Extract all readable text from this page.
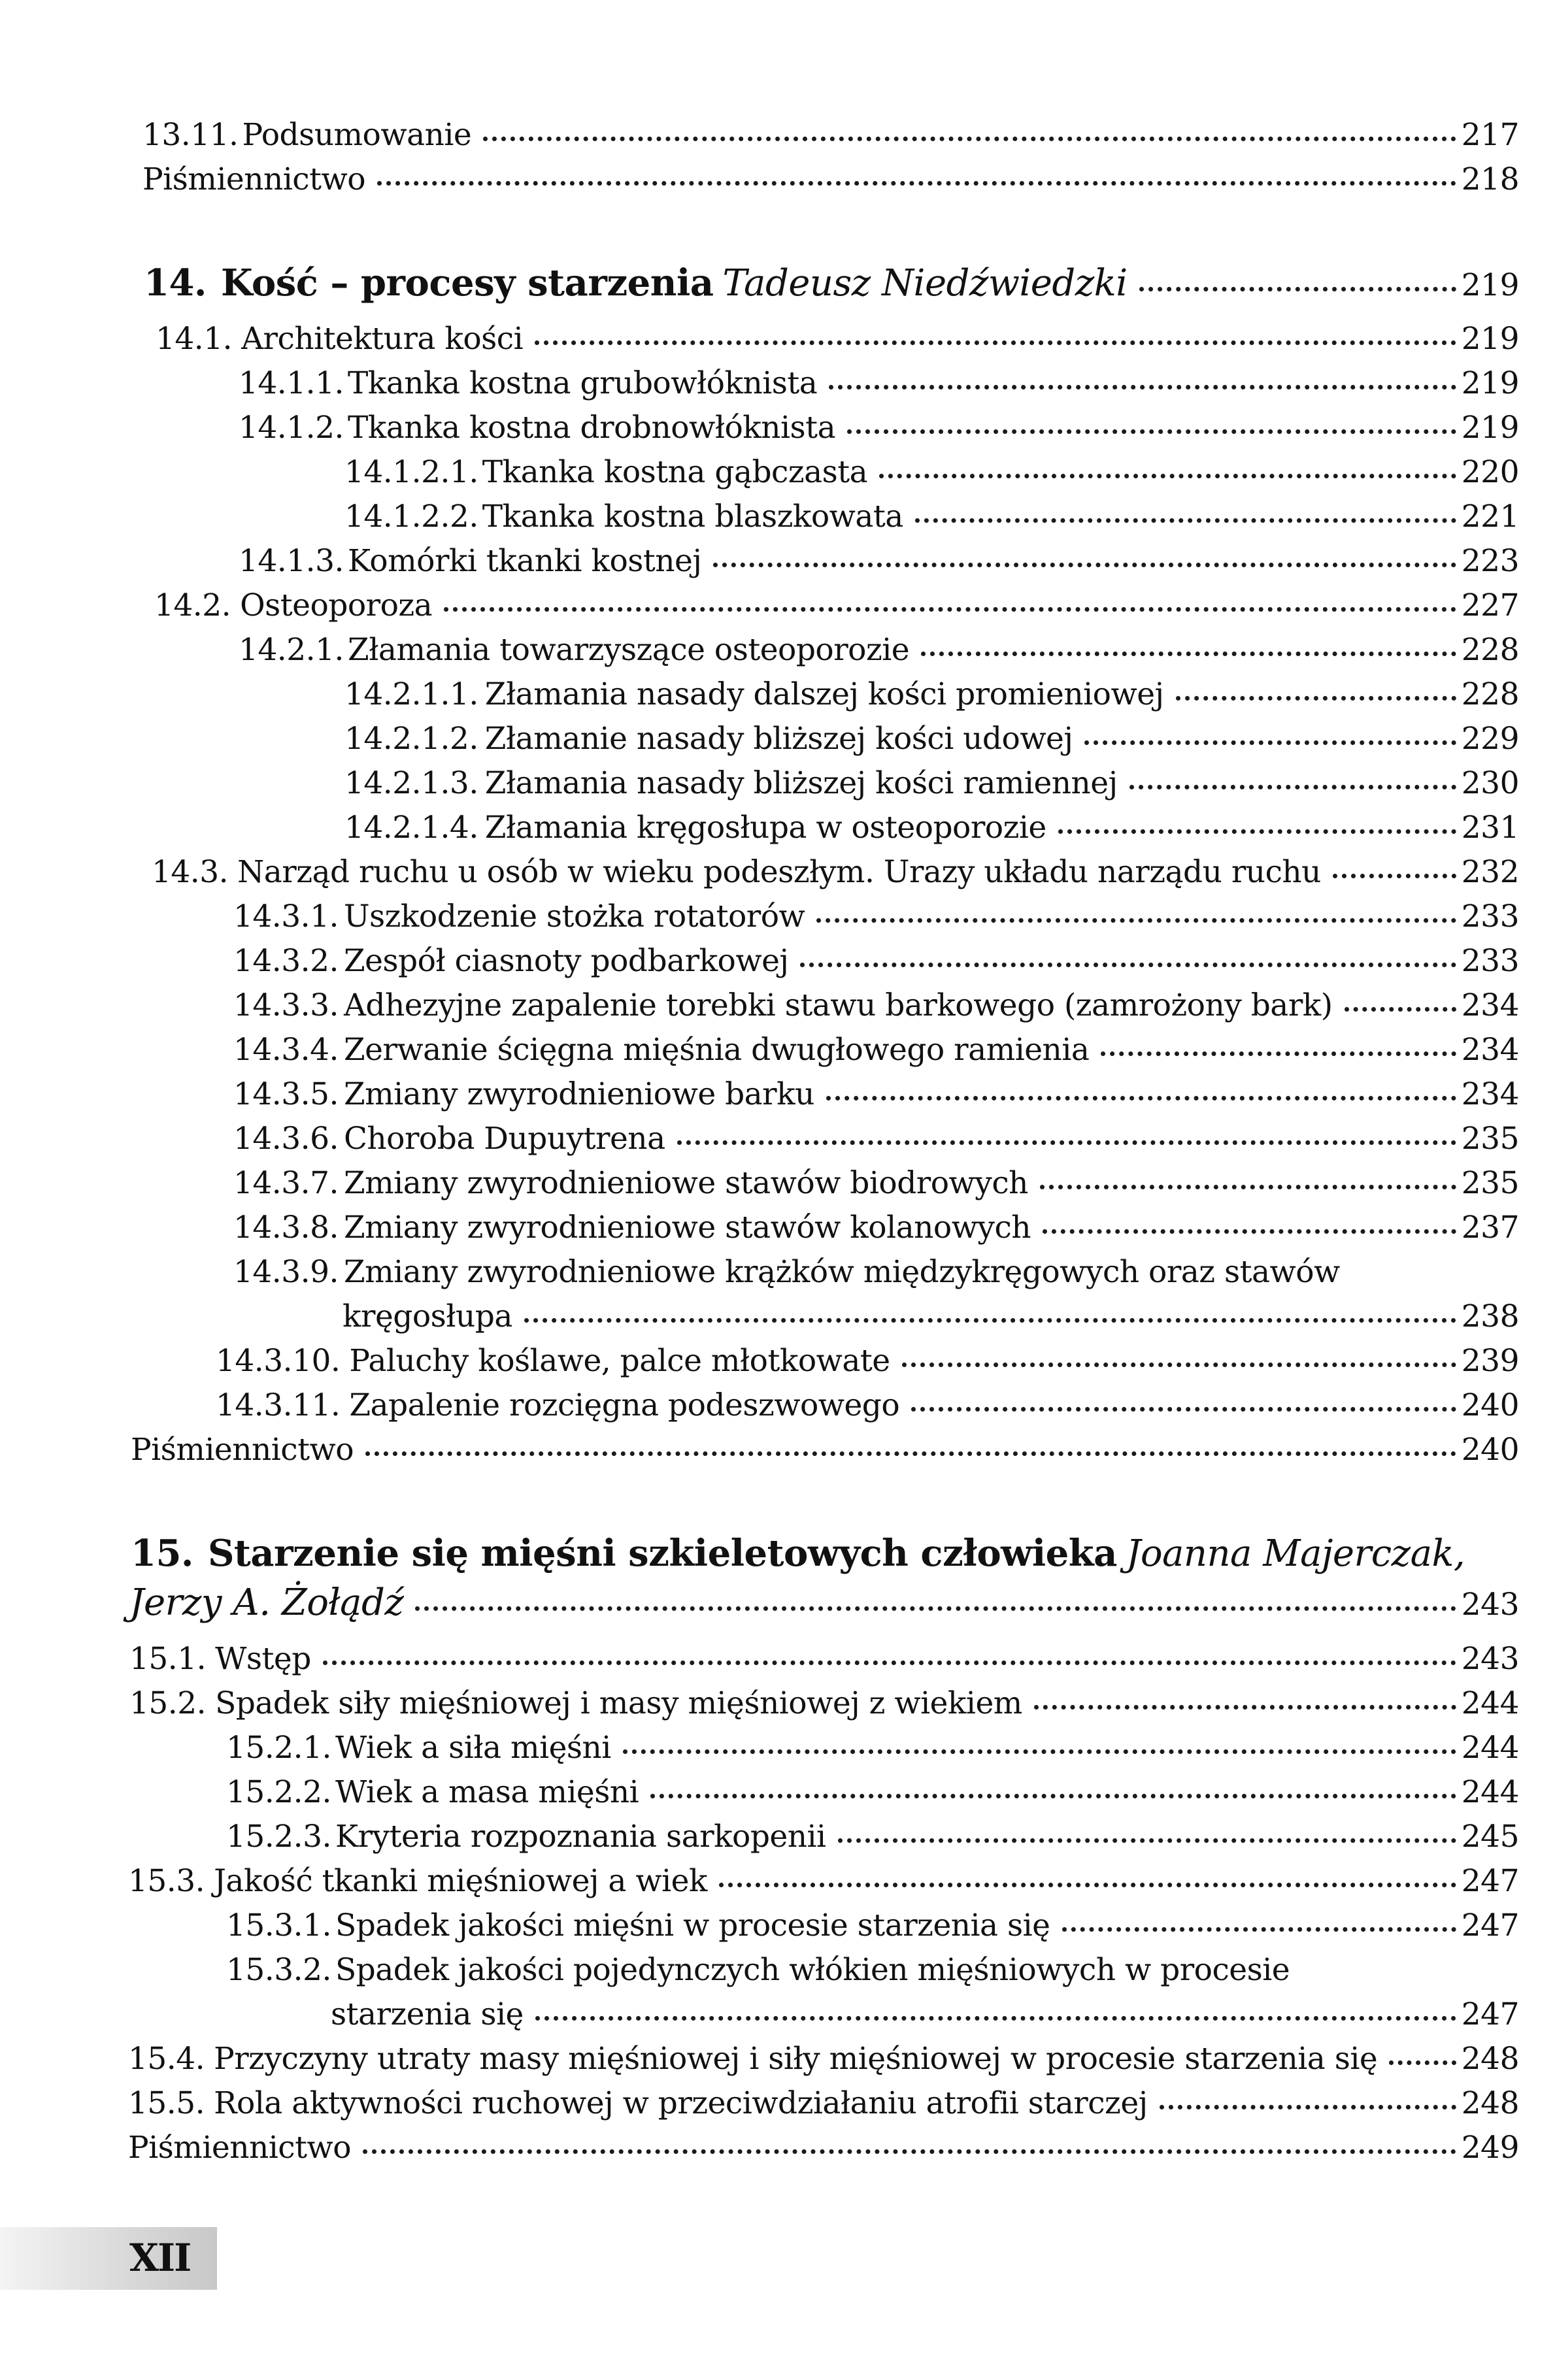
13.11. Podsumowanie	217
Piśmiennictwo	218
14. Kość – procesy starzenia Tadeusz Niedźwiedzki	219
14.1. Architektura kości	219
14.1.1. Tkanka kostna grubowłóknista	219
14.1.2. Tkanka kostna drobnowłóknista	219
14.1.2.1. Tkanka kostna gąbczasta	220
14.1.2.2. Tkanka kostna blaszkowata	221
14.1.3. Komórki tkanki kostnej	223
14.2. Osteoporoza	227
14.2.1. Złamania towarzyszące osteoporozie	228
14.2.1.1. Złamania nasady dalszej kości promieniowej	228
14.2.1.2. Złamanie nasady bliższej kości udowej	229
14.2.1.3. Złamania nasady bliższej kości ramiennej	230
14.2.1.4. Złamania kręgosłupa w osteoporozie	231
14.3. Narząd ruchu u osób w wieku podeszłym. Urazy układu narządu ruchu	232
14.3.1. Uszkodzenie stożka rotatorów	233
14.3.2. Zespół ciasnoty podbarkowej	233
14.3.3. Adhezyjne zapalenie torebki stawu barkowego (zamrożony bark)	234
14.3.4. Zerwanie ścięgna mięśnia dwugłowego ramienia	234
14.3.5. Zmiany zwyrodnieniowe barku	234
14.3.6. Choroba Dupuytrena	235
14.3.7. Zmiany zwyrodnieniowe stawów biodrowych	235
14.3.8. Zmiany zwyrodnieniowe stawów kolanowych	237
14.3.9. Zmiany zwyrodnieniowe krążków międzykręgowych oraz stawów
kręgosłupa	238
14.3.10. Paluchy koślawe, palce młotkowate	239
14.3.11. Zapalenie rozcięgna podeszwowego	240
Piśmiennictwo	240
15. Starzenie się mięśni szkieletowych człowieka Joanna Majerczak,
Jerzy A. Żołądź	243
15.1. Wstęp	243
15.2. Spadek siły mięśniowej i masy mięśniowej z wiekiem	244
15.2.1. Wiek a siła mięśni	244
15.2.2. Wiek a masa mięśni	244
15.2.3. Kryteria rozpoznania sarkopenii	245
15.3. Jakość tkanki mięśniowej a wiek	247
15.3.1. Spadek jakości mięśni w procesie starzenia się	247
15.3.2. Spadek jakości pojedynczych włókien mięśniowych w procesie
starzenia się	247
15.4. Przyczyny utraty masy mięśniowej i siły mięśniowej w procesie starzenia się	248
15.5. Rola aktywności ruchowej w przeciwdziałaniu atrofii starczej	248
Piśmiennictwo	249
XII
